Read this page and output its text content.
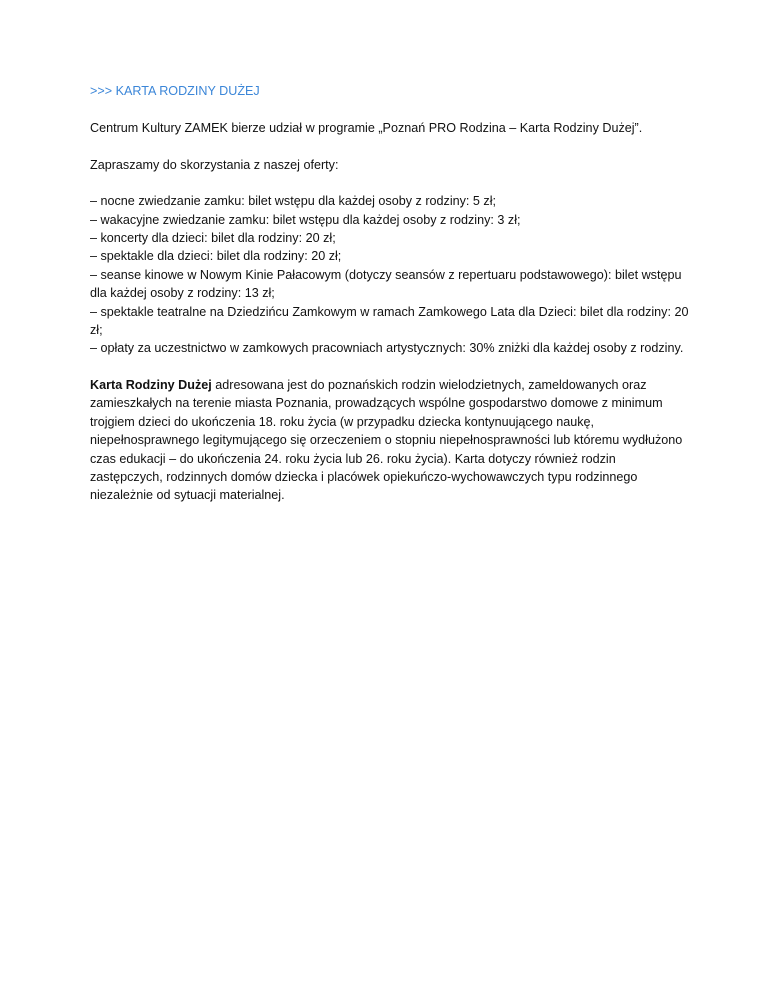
>>> KARTA RODZINY DUŻEJ

Centrum Kultury ZAMEK bierze udział w programie „Poznań PRO Rodzina – Karta Rodziny Dużej”.

Zapraszamy do skorzystania z naszej oferty:

– nocne zwiedzanie zamku: bilet wstępu dla każdej osoby z rodziny: 5 zł;
– wakacyjne zwiedzanie zamku: bilet wstępu dla każdej osoby z rodziny: 3 zł;
– koncerty dla dzieci: bilet dla rodziny: 20 zł;
– spektakle dla dzieci: bilet dla rodziny: 20 zł;
– seanse kinowe w Nowym Kinie Pałacowym (dotyczy seansów z repertuaru podstawowego): bilet wstępu dla każdej osoby z rodziny: 13 zł;
– spektakle teatralne na Dziedzińcu Zamkowym w ramach Zamkowego Lata dla Dzieci: bilet dla rodziny: 20 zł;
– opłaty za uczestnictwo w zamkowych pracowniach artystycznych: 30% zniżki dla każdej osoby z rodziny.

Karta Rodziny Dużej adresowana jest do poznańskich rodzin wielodzietnych, zameldowanych oraz zamieszkałych na terenie miasta Poznania, prowadzących wspólne gospodarstwo domowe z minimum trojgiem dzieci do ukończenia 18. roku życia (w przypadku dziecka kontynuującego naukę, niepełnosprawnego legitymującego się orzeczeniem o stopniu niepełnosprawności lub któremu wydłużono czas edukacji – do ukończenia 24. roku życia lub 26. roku życia). Karta dotyczy również rodzin zastępczych, rodzinnych domów dziecka i placówek opiekuńczo-wychowawczych typu rodzinnego niezależnie od sytuacji materialnej.
